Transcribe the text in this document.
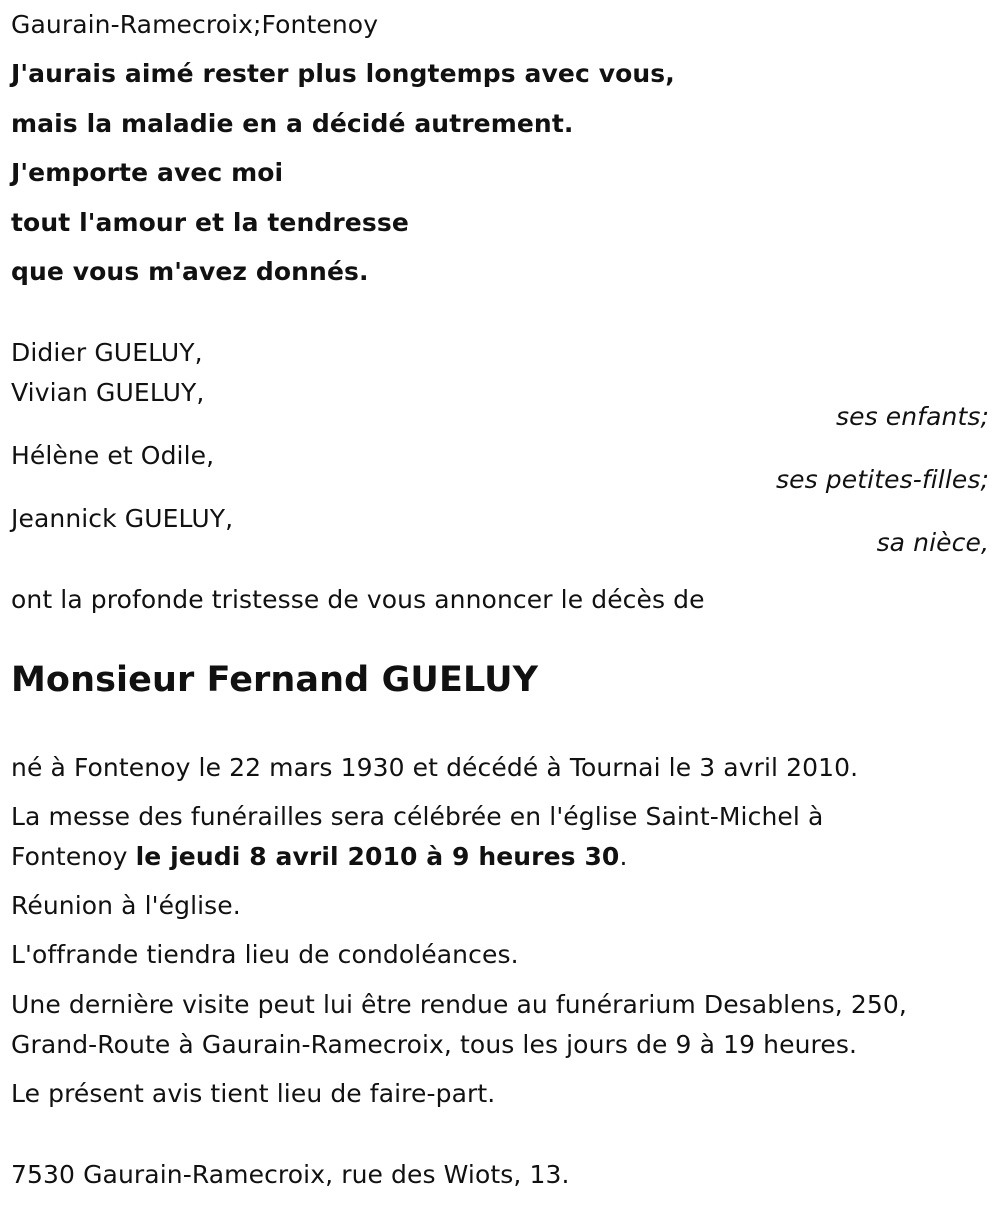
Gaurain-Ramecroix;Fontenoy
J'aurais aimé rester plus longtemps avec vous,
mais la maladie en a décidé autrement.
J'emporte avec moi
tout l'amour et la tendresse
que vous m'avez donnés.
Didier GUELUY,
Vivian GUELUY,
ses enfants;
Hélène et Odile,
ses petites-filles;
Jeannick GUELUY,
sa nièce,
ont la profonde tristesse de vous annoncer le décès de
Monsieur Fernand GUELUY
né à Fontenoy le 22 mars 1930 et décédé à Tournai le 3 avril 2010.
La messe des funérailles sera célébrée en l'église Saint-Michel à
Fontenoy le jeudi 8 avril 2010 à 9 heures 30.
Réunion à l'église.
L'offrande tiendra lieu de condoléances.
Une dernière visite peut lui être rendue au funérarium Desablens, 250,
Grand-Route à Gaurain-Ramecroix, tous les jours de 9 à 19 heures.
Le présent avis tient lieu de faire-part.
7530 Gaurain-Ramecroix, rue des Wiots, 13.
